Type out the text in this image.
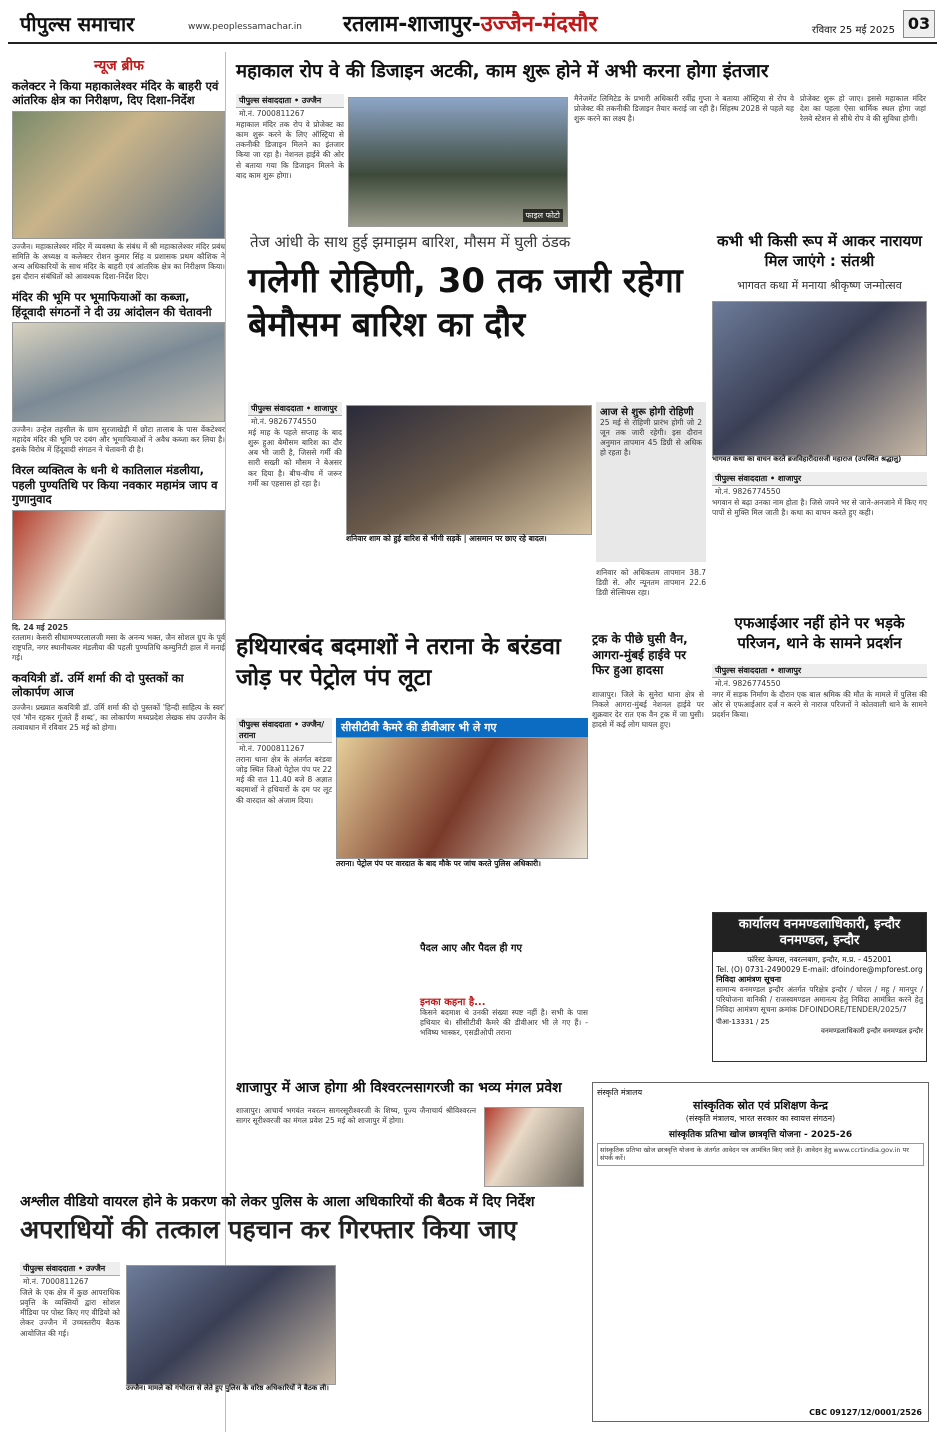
पीपुल्स समाचार	www.peoplessamachar.in रतलाम-शाजापुर-उज्जैन-मंदसौर	रविवार 25 मई 2025 03
न्यूज ब्रीफ
कलेक्टर ने किया महाकालेश्वर मंदिर के बाहरी एवं आंतरिक क्षेत्र का निरीक्षण, दिए दिशा-निर्देश
उज्जैन। महाकालेश्वर मंदिर में व्यवस्था के संबंध में श्री महाकालेश्वर मंदिर प्रबंध समिति के अध्यक्ष व कलेक्टर रोशन कुमार सिंह व प्रशासक प्रथम कौशिक ने अन्य अधिकारियों के साथ मंदिर के बाहरी एवं आंतरिक क्षेत्र का निरीक्षण किया। इस दौरान संबंधितों को आवश्यक दिशा-निर्देश दिए।
मंदिर की भूमि पर भूमाफियाओं का कब्जा, हिंदूवादी संगठनों ने दी उग्र आंदोलन की चेतावनी
उज्जैन। उन्हेल तहसील के ग्राम सुरजाखेड़ी में छोटा तालाब के पास वेंकटेश्वर महादेव मंदिर की भूमि पर दबंग और भूमाफियाओं ने अवैध कब्जा कर लिया है। इसके विरोध में हिंदूवादी संगठन ने चेतावनी दी है।
विरल व्यक्तित्व के धनी थे कातिलाल मंडलीया, पहली पुण्यतिथि पर किया नवकार महामंत्र जाप व गुणानुवाद
दि. 24 मई 2025
रतलाम। केसरी सीधामण्यरलालजी मसा के अनन्य भक्त, जैन सोशल ग्रुप के पूर्व राष्ट्रपति, नगर स्थानीयत्वर मंडलीया की पहली पुण्यतिथि कम्युनिटी हाल में मनाई गई।
कवयित्री डॉ. उर्मि शर्मा की दो पुस्तकों का लोकार्पण आज
उज्जैन। प्रख्यात कवयित्री डॉ. उर्मि शर्मा की दो पुस्तकों 'हिन्दी साहित्य के स्वर' एवं 'मौन रहकर गूंजते हैं शब्द', का लोकार्पण मध्यप्रदेश लेखक संघ उज्जैन के तत्वावधान में रविवार 25 मई को होगा।
महाकाल रोप वे की डिजाइन अटकी, काम शुरू होने में अभी करना होगा इंतजार
पीपुल्स संवाददाता • उज्जैन
मो.नं. 7000811267
महाकाल मंदिर तक रोप वे प्रोजेक्ट का काम शुरू करने के लिए ऑस्ट्रिया से तकनीकी डिजाइन मिलने का इंतजार किया जा रहा है। नेशनल हाईवे की ओर से बताया गया कि डिजाइन मिलने के बाद काम शुरू होगा।
फाइल फोटो
मैनेजमेंट लिमिटेड के प्रभारी अधिकारी रवींद्र गुप्ता ने बताया ऑस्ट्रिया से रोप वे प्रोजेक्ट की तकनीकी डिजाइन तैयार कराई जा रही है। सिंहस्थ 2028 से पहले यह शुरू करने का लक्ष्य है।
प्रोजेक्ट शुरू हो जाए। इससे महाकाल मंदिर देश का पहला ऐसा धार्मिक स्थल होगा जहां रेलवे स्टेशन से सीधे रोप वे की सुविधा होगी।
तेज आंधी के साथ हुई झमाझम बारिश, मौसम में घुली ठंडक
गलेगी रोहिणी, 30 तक जारी रहेगा बेमौसम बारिश का दौर
पीपुल्स संवाददाता • शाजापुर
मो.नं. 9826774550
मई माह के पहले सप्ताह के बाद शुरू हुआ बेमौसम बारिश का दौर अब भी जारी है, जिससे गर्मी की सारी सख्ती को मौसम ने बेअसर कर दिया है। बीच-बीच में जरूर गर्मी का एहसास हो रहा है।
शनिवार शाम को हुई बारिश से भीगी सड़कें | आसमान पर छाए रहे बादल।
आज से शुरू होगी रोहिणी
25 मई से रोहिणी प्रारंभ होगी जो 2 जून तक जारी रहेगी। इस दौरान अनुमान तापमान 45 डिग्री से अधिक हो रहता है।
शनिवार को अधिकतम तापमान 38.7 डिग्री से. और न्यूनतम तापमान 22.6 डिग्री सेल्सियस रहा।
कभी भी किसी रूप में आकर नारायण मिल जाएंगे : संतश्री
भागवत कथा में मनाया श्रीकृष्ण जन्मोत्सव
भागवत कथा का वाचन करते ब्रजविहारीदासजी महाराज (उपस्थित श्रद्धालु)
पीपुल्स संवाददाता • शाजापुर
मो.नं. 9826774550
भगवान से बढ़ा उनका नाम होता है। जिसे जपने भर से जाने-अनजाने में किए गए पापों से मुक्ति मिल जाती है। कथा का वाचन करते हुए कही।
एफआईआर नहीं होने पर भड़के परिजन, थाने के सामने प्रदर्शन
पीपुल्स संवाददाता • शाजापुर
मो.नं. 9826774550
नगर में सड़क निर्माण के दौरान एक बाल श्रमिक की मौत के मामले में पुलिस की ओर से एफआईआर दर्ज न करने से नाराज परिजनों ने कोतवाली थाने के सामने प्रदर्शन किया।
हथियारबंद बदमाशों ने तराना के बरंडवा जोड़ पर पेट्रोल पंप लूटा
पीपुल्स संवाददाता • उज्जैन/तराना
मो.नं. 7000811267
तराना थाना क्षेत्र के अंतर्गत बरंडवा जोड़ स्थित जिओ पेट्रोल पंप पर 22 मई की रात 11.40 बजे 8 अज्ञात बदमाशों ने हथियारों के दम पर लूट की वारदात को अंजाम दिया।
सीसीटीवी कैमरे की डीवीआर भी ले गए
तराना। पेट्रोल पंप पर वारदात के बाद मौके पर जांच करते पुलिस अधिकारी।
पैदल आए और पैदल ही गए
इनका कहना है...
किसने बदमाश थे उनकी संख्या स्पष्ट नहीं है। सभी के पास हथियार थे। सीसीटीवी कैमरे की डीवीआर भी ले गए हैं। - भविष्य भास्कर, एसडीओपी तराना
ट्रक के पीछे घुसी वैन, आगरा-मुंबई हाईवे पर फिर हुआ हादसा
शाजापुर। जिले के सुनेरा थाना क्षेत्र से निकले आगरा-मुंबई नेशनल हाईवे पर शुक्रवार देर रात एक वैन ट्रक में जा घुसी। हादसे में कई लोग घायल हुए।
कार्यालय वनमण्डलाधिकारी, इन्दौर वनमण्डल, इन्दौर
फॉरेस्ट केम्पस, नवरत्नबाग, इन्दौर, म.प्र. - 452001
Tel. (O) 0731-2490029 E-mail: dfoindore@mpforest.org
निविदा आमंत्रण सूचना
सामान्य वनमण्डल इन्दौर अंतर्गत परिक्षेत्र इन्दौर / चोरल / महू / मानपुर / परियोजना वानिकी / राजस्वमण्डल अमानत्य हेतु निविदा आमंत्रित करने हेतु निविदा आमंत्रण सूचना क्रमांक DFOINDORE/TENDER/2025/7
पीआ-13331 / 25
वनमण्डलाधिकारी इन्दौर वनमण्डल इन्दौर
संस्कृति मंत्रालय
सांस्कृतिक स्रोत एवं प्रशिक्षण केन्द्र
(संस्कृति मंत्रालय, भारत सरकार का स्वायत्त संगठन)
सांस्कृतिक प्रतिभा खोज छात्रवृत्ति योजना - 2025-26
सांस्कृतिक प्रतिभा खोज छात्रवृत्ति योजना के अंतर्गत आवेदन पत्र आमंत्रित किए जाते हैं। आवेदन हेतु www.ccrtindia.gov.in पर संपर्क करें।
CBC 09127/12/0001/2526
शाजापुर में आज होगा श्री विश्वरत्नसागरजी का भव्य मंगल प्रवेश
शाजापुर। आचार्य भगवंत नवरत्न सागरसूरीश्वरजी के शिष्य, पूज्य जैनाचार्य श्रीविश्वरत्न सागर सूरीश्वरजी का मंगल प्रवेश 25 मई को शाजापुर में होगा।
अश्लील वीडियो वायरल होने के प्रकरण को लेकर पुलिस के आला अधिकारियों की बैठक में दिए निर्देश
अपराधियों की तत्काल पहचान कर गिरफ्तार किया जाए
पीपुल्स संवाददाता • उज्जैन
मो.नं. 7000811267
जिले के एक क्षेत्र में कुछ आपराधिक प्रवृत्ति के व्यक्तियों द्वारा सोशल मीडिया पर पोस्ट किए गए वीडियो को लेकर उज्जैन में उच्चस्तरीय बैठक आयोजित की गई।
उज्जैन। मामले को गंभीरता से लेते हुए पुलिस के वरिष्ठ अधिकारियों ने बैठक ली।
